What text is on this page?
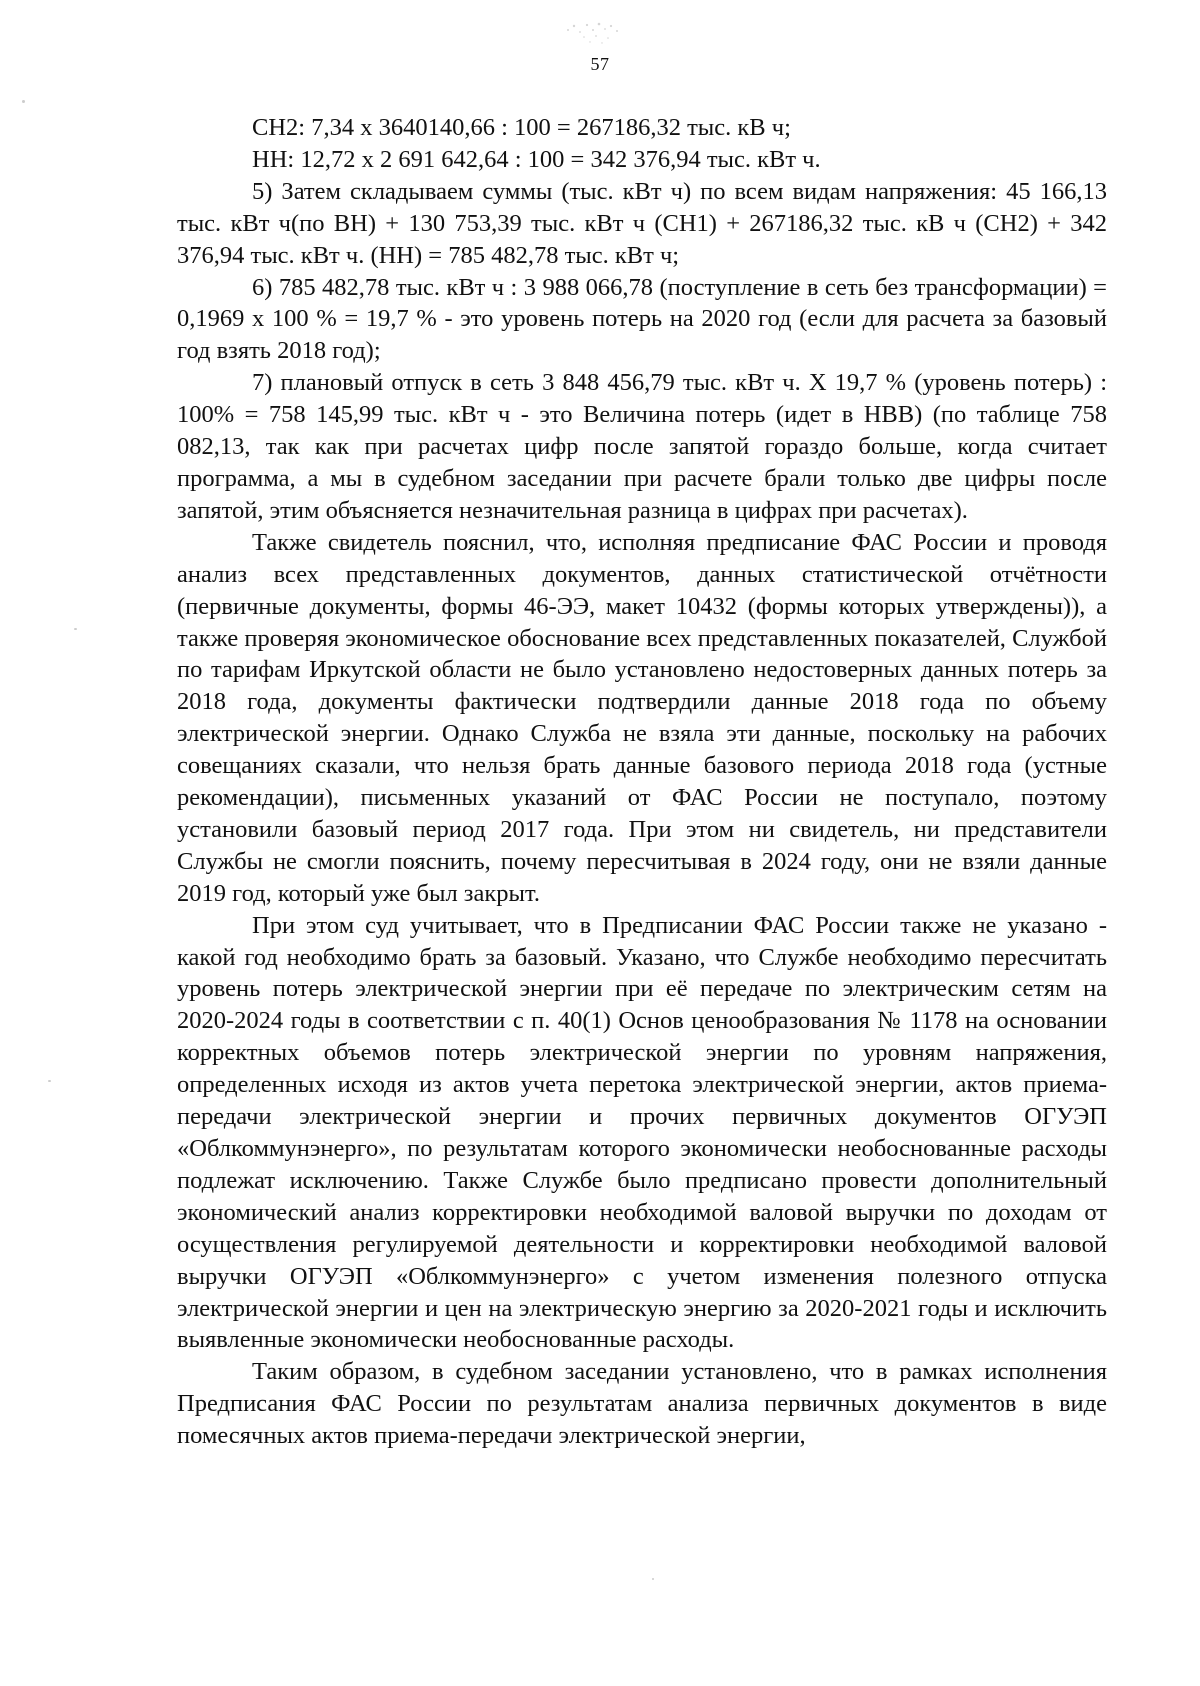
57

СН2: 7,34 х 3640140,66 : 100 = 267186,32 тыс. кВ ч;

НН: 12,72 х 2 691 642,64 : 100 = 342 376,94 тыс. кВт ч.

5) Затем складываем суммы (тыс. кВт ч) по всем видам напряжения: 45 166,13 тыс. кВт ч(по ВН) + 130 753,39 тыс. кВт ч (СН1) + 267186,32 тыс. кВ ч (СН2) + 342 376,94 тыс. кВт ч. (НН) = 785 482,78 тыс. кВт ч;

6) 785 482,78 тыс. кВт ч : 3 988 066,78 (поступление в сеть без трансформации) = 0,1969 х 100 % = 19,7 % - это уровень потерь на 2020 год (если для расчета за базовый год взять 2018 год);

7) плановый отпуск в сеть 3 848 456,79 тыс. кВт ч. Х 19,7 % (уровень потерь) : 100% = 758 145,99 тыс. кВт ч - это Величина потерь (идет в НВВ) (по таблице 758 082,13, так как при расчетах цифр после запятой гораздо больше, когда считает программа, а мы в судебном заседании при расчете брали только две цифры после запятой, этим объясняется незначительная разница в цифрах при расчетах).

Также свидетель пояснил, что, исполняя предписание ФАС России и проводя анализ всех представленных документов, данных статистической отчётности (первичные документы, формы 46-ЭЭ, макет 10432 (формы которых утверждены)), а также проверяя экономическое обоснование всех представленных показателей, Службой по тарифам Иркутской области не было установлено недостоверных данных потерь за 2018 года, документы фактически подтвердили данные 2018 года по объему электрической энергии. Однако Служба не взяла эти данные, поскольку на рабочих совещаниях сказали, что нельзя брать данные базового периода 2018 года (устные рекомендации), письменных указаний от ФАС России не поступало, поэтому установили базовый период 2017 года. При этом ни свидетель, ни представители Службы не смогли пояснить, почему пересчитывая в 2024 году, они не взяли данные 2019 год, который уже был закрыт.

При этом суд учитывает, что в Предписании ФАС России также не указано - какой год необходимо брать за базовый. Указано, что Службе необходимо пересчитать уровень потерь электрической энергии при её передаче по электрическим сетям на 2020-2024 годы в соответствии с п. 40(1) Основ ценообразования № 1178 на основании корректных объемов потерь электрической энергии по уровням напряжения, определенных исходя из актов учета перетока электрической энергии, актов приема-передачи электрической энергии и прочих первичных документов ОГУЭП «Облкоммунэнерго», по результатам которого экономически необоснованные расходы подлежат исключению. Также Службе было предписано провести дополнительный экономический анализ корректировки необходимой валовой выручки по доходам от осуществления регулируемой деятельности и корректировки необходимой валовой выручки ОГУЭП «Облкоммунэнерго» с учетом изменения полезного отпуска электрической энергии и цен на электрическую энергию за 2020-2021 годы и исключить выявленные экономически необоснованные расходы.

Таким образом, в судебном заседании установлено, что в рамках исполнения Предписания ФАС России по результатам анализа первичных документов в виде помесячных актов приема-передачи электрической энергии,
